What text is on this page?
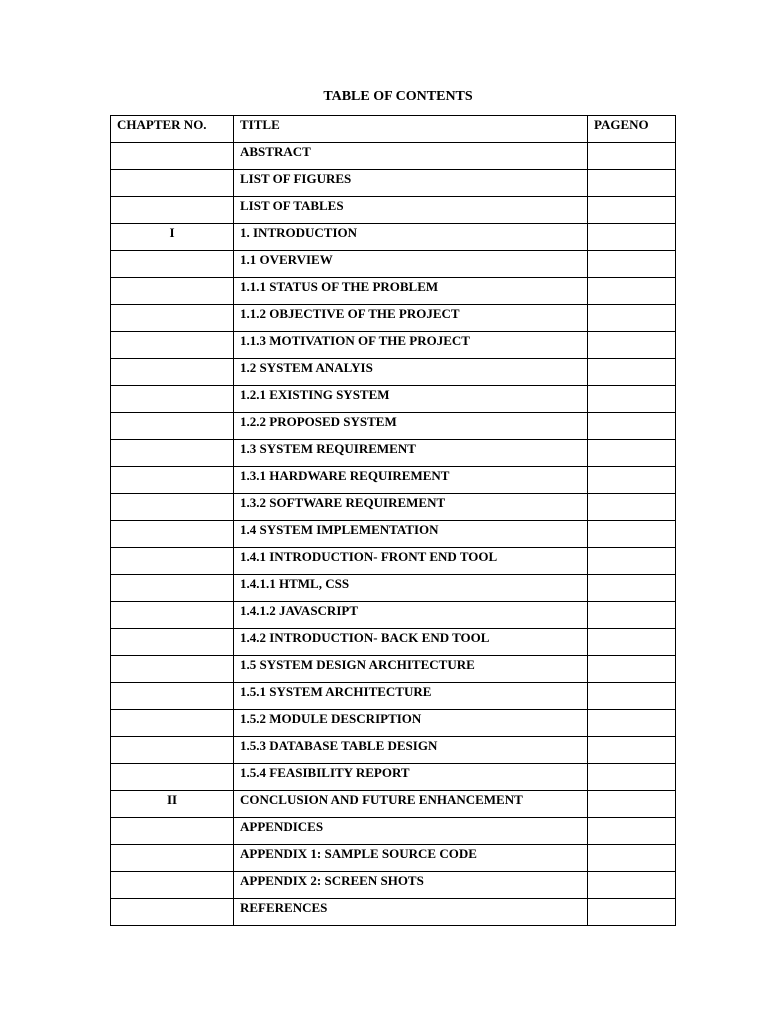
TABLE OF CONTENTS
CHAPTER NO.	TITLE	PAGENO

	ABSTRACT	

	LIST OF FIGURES	

	LIST OF TABLES	

I	1. INTRODUCTION	

	1.1 OVERVIEW	

	1.1.1 STATUS OF THE PROBLEM	

	1.1.2 OBJECTIVE OF THE PROJECT	

	1.1.3 MOTIVATION OF THE PROJECT	

	1.2 SYSTEM ANALYIS	

	1.2.1 EXISTING SYSTEM	

	1.2.2 PROPOSED SYSTEM	

	1.3 SYSTEM REQUIREMENT	

	1.3.1 HARDWARE REQUIREMENT	

	1.3.2 SOFTWARE REQUIREMENT	

	1.4 SYSTEM IMPLEMENTATION	

	1.4.1 INTRODUCTION- FRONT END TOOL	

	1.4.1.1 HTML, CSS	

	1.4.1.2 JAVASCRIPT	

	1.4.2 INTRODUCTION- BACK END TOOL	

	1.5 SYSTEM DESIGN ARCHITECTURE	

	1.5.1 SYSTEM ARCHITECTURE	

	1.5.2 MODULE DESCRIPTION	

	1.5.3 DATABASE TABLE DESIGN	

	1.5.4 FEASIBILITY REPORT	

II	CONCLUSION AND FUTURE ENHANCEMENT	

	APPENDICES	

	APPENDIX 1: SAMPLE SOURCE CODE	

	APPENDIX 2: SCREEN SHOTS	

	REFERENCES	
